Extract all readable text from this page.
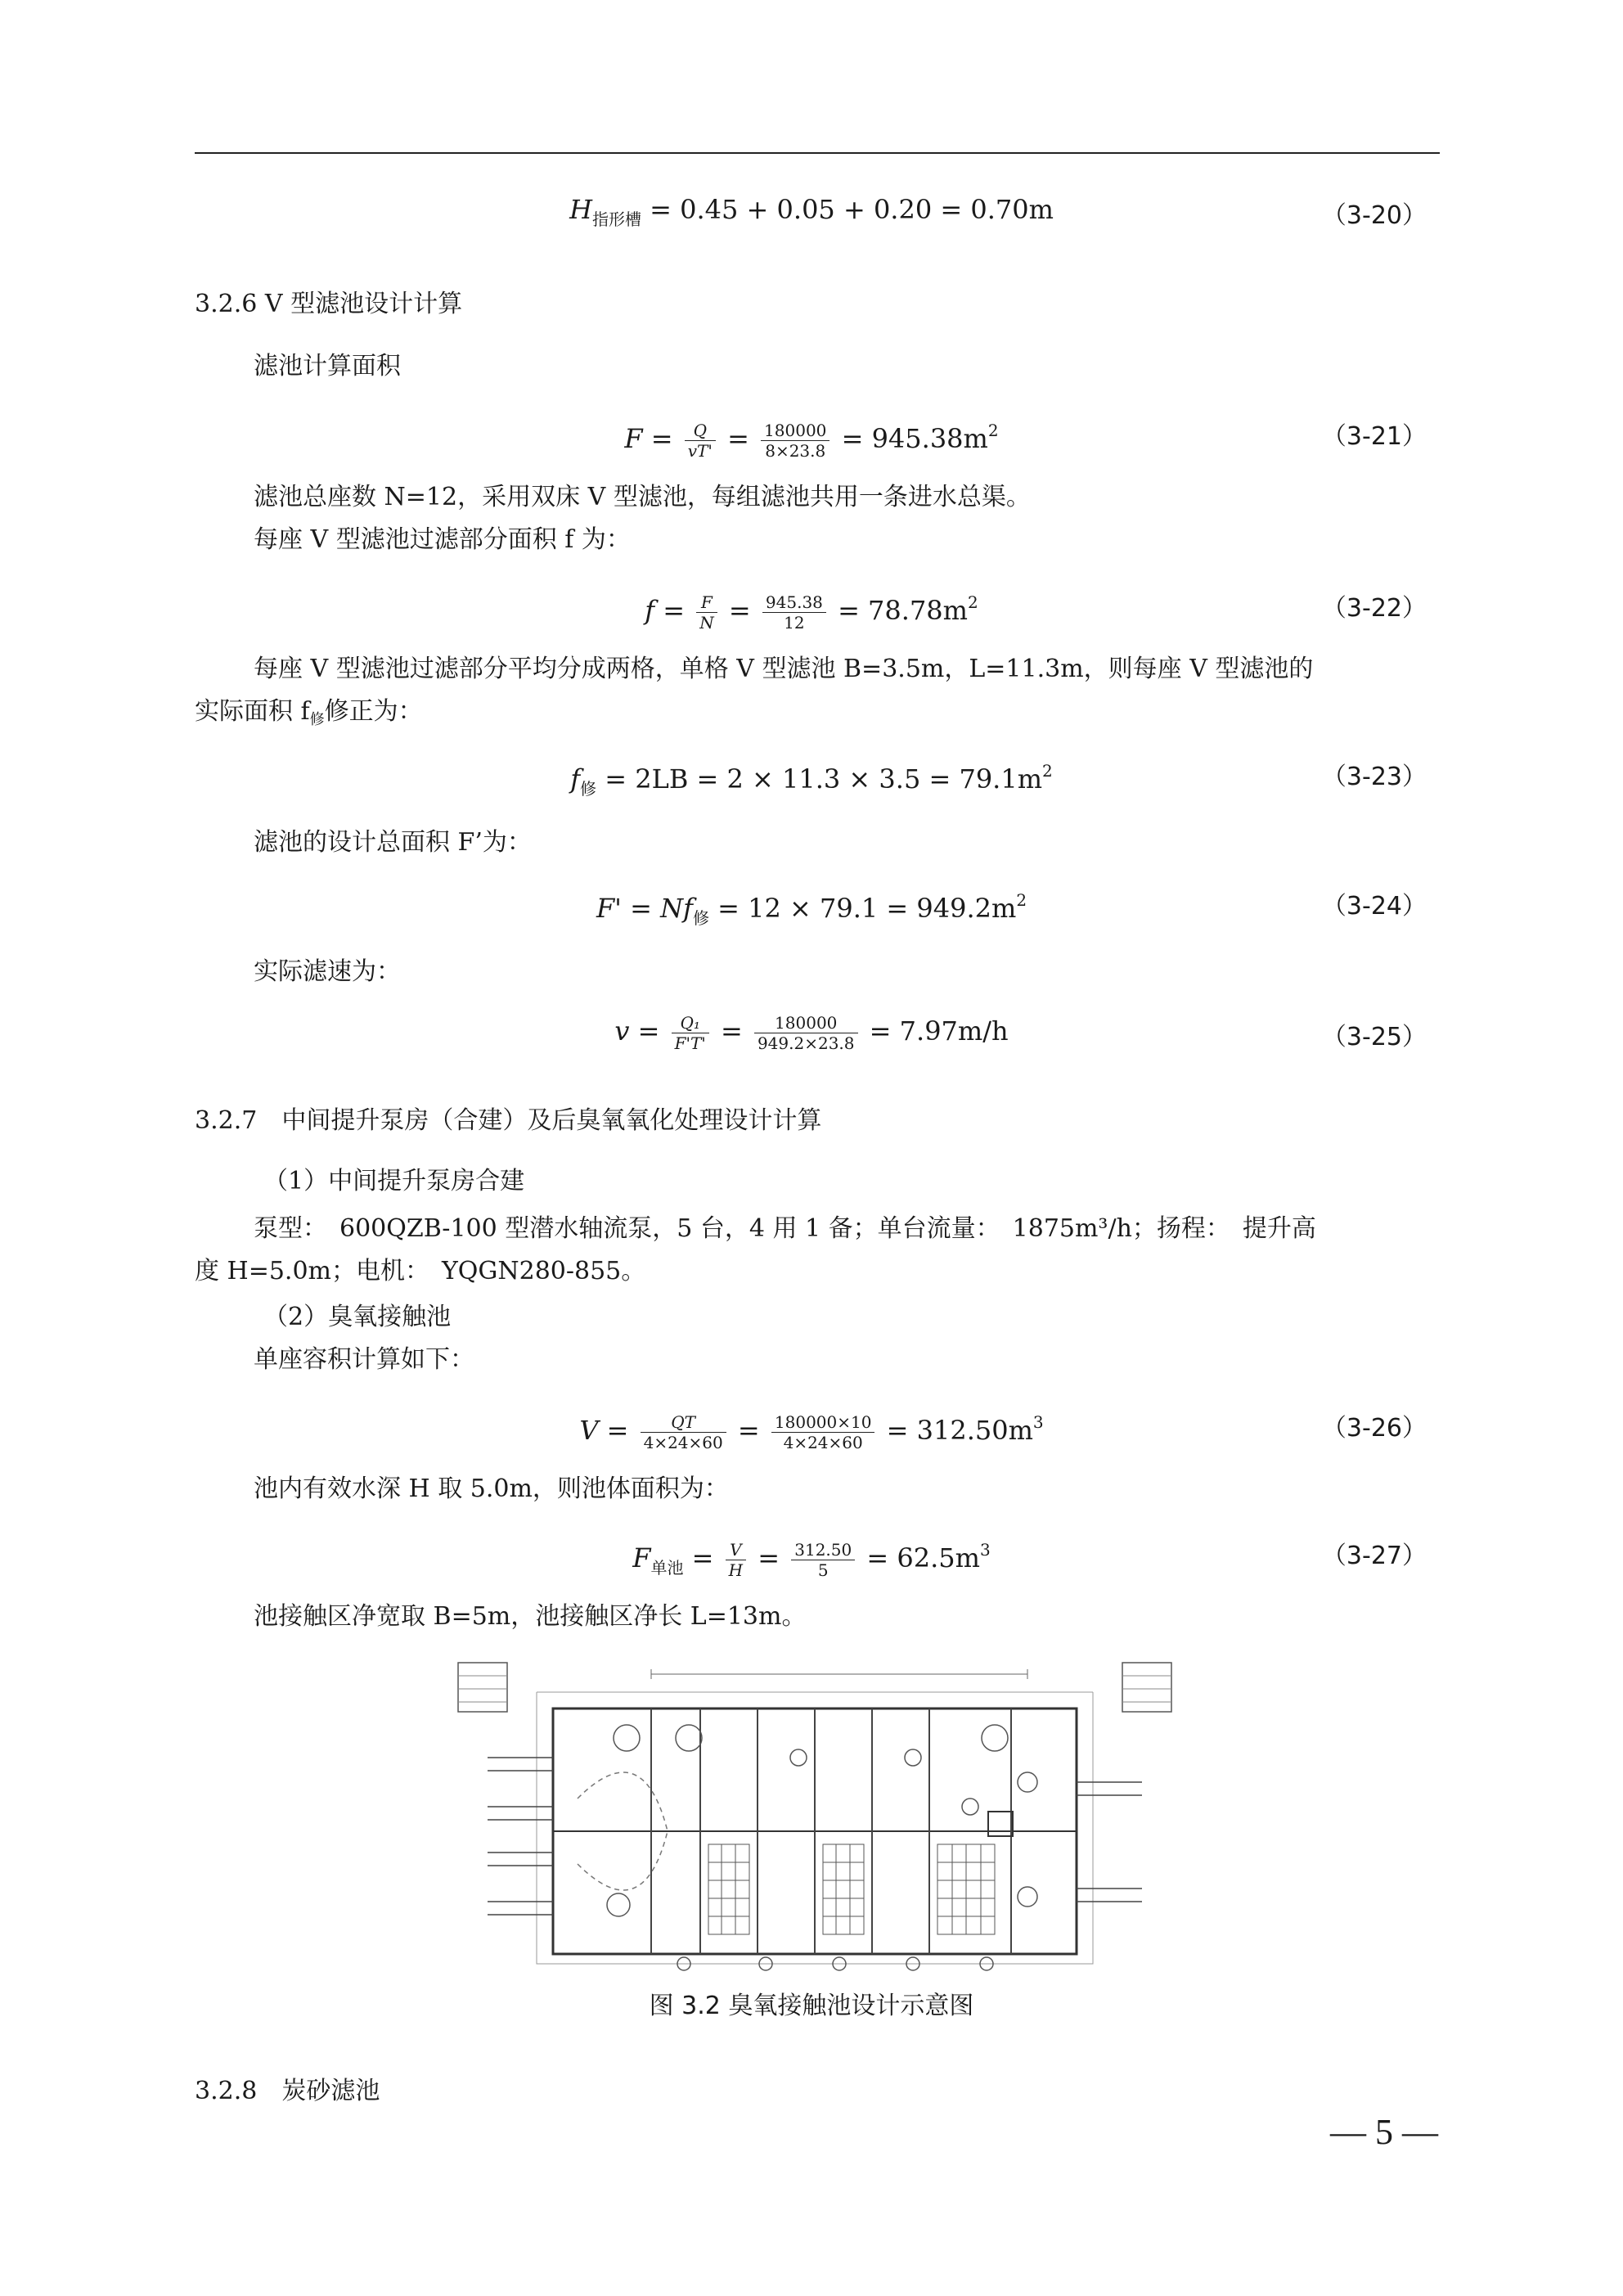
$H_{指形槽} = 0.45 + 0.05 + 0.20 = 0.70m$	（3-20）
3.2.6 V 型滤池设计计算
滤池计算面积
$F = \frac{Q}{vT'} = \frac{180000}{8\times 23.8} = 945.38m^2$	（3-21）
滤池总座数 N=12，采用双床 V 型滤池，每组滤池共用一条进水总渠。
每座 V 型滤池过滤部分面积 f 为：
$f = \frac{F}{N} = \frac{945.38}{12} = 78.78m^2$	（3-22）
每座 V 型滤池过滤部分平均分成两格，单格 V 型滤池 B=3.5m，L=11.3m，则每座 V 型滤池的
实际面积 $f_修$修正为：
$f_修 = 2LB = 2 \times 11.3 \times 3.5 = 79.1m^2$	（3-23）
滤池的设计总面积 F’为：
$F' = Nf_修 = 12 \times 79.1 = 949.2m^2$	（3-24）
实际滤速为：
$v = \frac{\text{Q₁}}{F'T'} = \frac{180000}{949.2\times 23.8} = 7.97m/h$	（3-25）
3.2.7　中间提升泵房（合建）及后臭氧氧化处理设计计算
（1）中间提升泵房合建
泵型：　600QZB-100 型潜水轴流泵，5 台，4 用 1 备；单台流量：　1875m³/h；扬程：　提升高
度 H=5.0m；电机：　YQGN280-855。
（2）臭氧接触池
单座容积计算如下：
$V = \frac{QT}{4\times 24\times 60} = \frac{180000\times 10}{4\times 24\times 60} = 312.50m^3$	（3-26）
池内有效水深 H 取 5.0m，则池体面积为：
$F_{单池} = \frac{V}{H} = \frac{312.50}{5} = 62.5m^3$	（3-27）
池接触区净宽取 B=5m，池接触区净长 L=13m。
图 3.2 臭氧接触池设计示意图
3.2.8　炭砂滤池
— 5 —
